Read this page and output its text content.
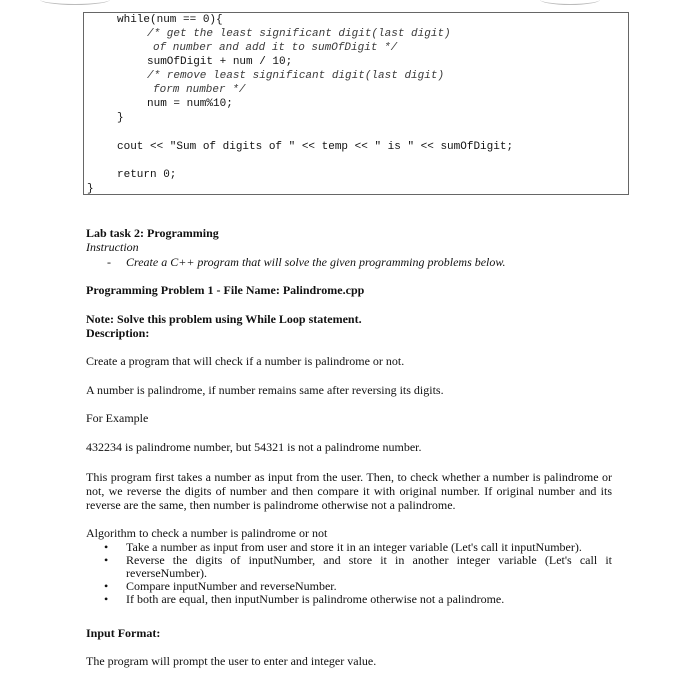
while(num == 0){
/* get the least significant digit(last digit)
of number and add it to sumOfDigit */
sumOfDigit + num / 10;
/* remove least significant digit(last digit)
form number */
num = num%10;
}
cout << "Sum of digits of " << temp << " is " << sumOfDigit;
return 0;
}
Lab task 2: Programming
Instruction
- Create a C++ program that will solve the given programming problems below.
Programming Problem 1 - File Name: Palindrome.cpp
Note: Solve this problem using While Loop statement.
Description:
Create a program that will check if a number is palindrome or not.
A number is palindrome, if number remains same after reversing its digits.
For Example
432234 is palindrome number, but 54321 is not a palindrome number.
This program first takes a number as input from the user. Then, to check whether a number is palindrome or not, we reverse the digits of number and then compare it with original number. If original number and its reverse are the same, then number is palindrome otherwise not a palindrome.
Algorithm to check a number is palindrome or not
• Take a number as input from user and store it in an integer variable (Let's call it inputNumber).
• Reverse the digits of inputNumber, and store it in another integer variable (Let's call it reverseNumber).
• Compare inputNumber and reverseNumber.
• If both are equal, then inputNumber is palindrome otherwise not a palindrome.
Input Format:
The program will prompt the user to enter and integer value.
